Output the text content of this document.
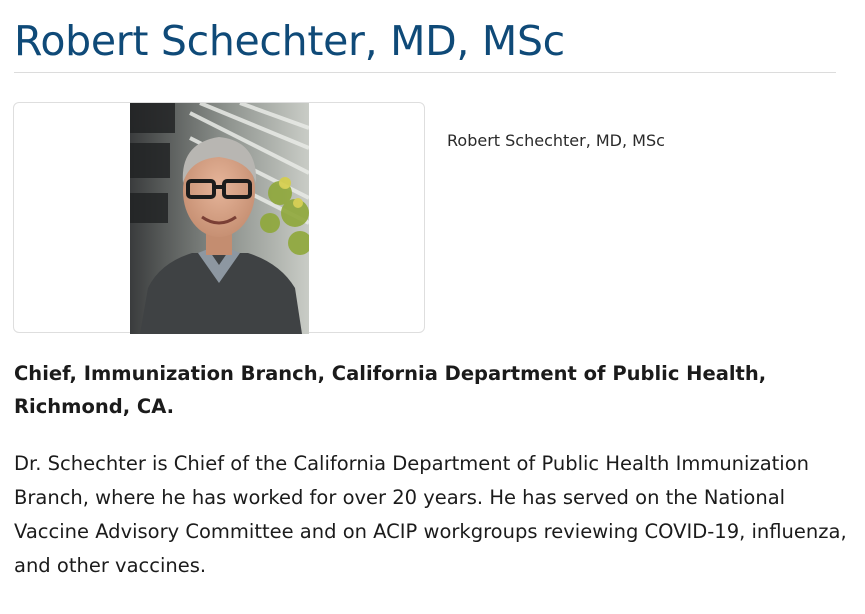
Robert Schechter, MD, MSc
Robert Schechter, MD, MSc

Chief, Immunization Branch, California Department of Public Health, Richmond, CA.

Dr. Schechter is Chief of the California Department of Public Health Immunization Branch, where he has worked for over 20 years. He has served on the National Vaccine Advisory Committee and on ACIP workgroups reviewing COVID-19, influenza, and other vaccines.
